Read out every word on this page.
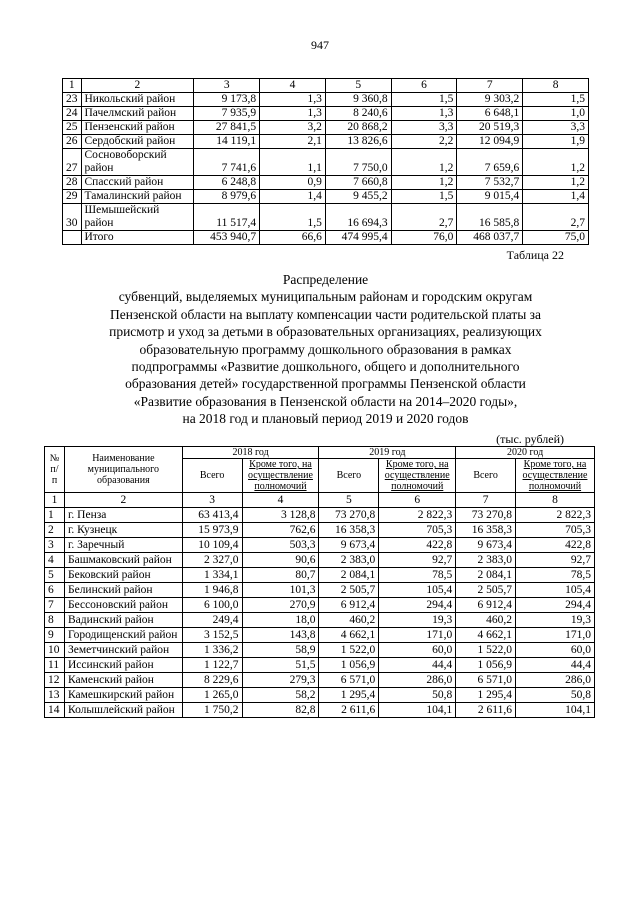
947
1	2	3	4	5	6	7	8
23	Никольский район	9 173,8	1,3	9 360,8	1,5	9 303,2	1,5
24	Пачелмский район	7 935,9	1,3	8 240,6	1,3	6 648,1	1,0
25	Пензенский район	27 841,5	3,2	20 868,2	3,3	20 519,3	3,3
26	Сердобский район	14 119,1	2,1	13 826,6	2,2	12 094,9	1,9
27	Сосновоборский район	7 741,6	1,1	7 750,0	1,2	7 659,6	1,2
28	Спасский район	6 248,8	0,9	7 660,8	1,2	7 532,7	1,2
29	Тамалинский район	8 979,6	1,4	9 455,2	1,5	9 015,4	1,4
30	Шемышейский район	11 517,4	1,5	16 694,3	2,7	16 585,8	2,7
	Итого	453 940,7	66,6	474 995,4	76,0	468 037,7	75,0
Таблица 22
Распределение
субвенций, выделяемых муниципальным районам и городским округам
Пензенской области на выплату компенсации части родительской платы за
присмотр и уход за детьми в образовательных организациях, реализующих
образовательную программу дошкольного образования в рамках
подпрограммы «Развитие дошкольного, общего и дополнительного
образования детей» государственной программы Пензенской области
«Развитие образования в Пензенской области на 2014–2020 годы»,
на 2018 год и плановый период 2019 и 2020 годов
(тыс. рублей)
№ п/п	Наименование муниципального образования	2018 год		2019 год		2020 год	
		Всего	Кроме того, на осуществление полномочий	Всего	Кроме того, на осуществление полномочий	Всего	Кроме того, на осуществление полномочий
1	2	3	4	5	6	7	8
1	г. Пенза	63 413,4	3 128,8	73 270,8	2 822,3	73 270,8	2 822,3
2	г. Кузнецк	15 973,9	762,6	16 358,3	705,3	16 358,3	705,3
3	г. Заречный	10 109,4	503,3	9 673,4	422,8	9 673,4	422,8
4	Башмаковский район	2 327,0	90,6	2 383,0	92,7	2 383,0	92,7
5	Бековский район	1 334,1	80,7	2 084,1	78,5	2 084,1	78,5
6	Белинский район	1 946,8	101,3	2 505,7	105,4	2 505,7	105,4
7	Бессоновский район	6 100,0	270,9	6 912,4	294,4	6 912,4	294,4
8	Вадинский район	249,4	18,0	460,2	19,3	460,2	19,3
9	Городищенский район	3 152,5	143,8	4 662,1	171,0	4 662,1	171,0
10	Земетчинский район	1 336,2	58,9	1 522,0	60,0	1 522,0	60,0
11	Иссинский район	1 122,7	51,5	1 056,9	44,4	1 056,9	44,4
12	Каменский район	8 229,6	279,3	6 571,0	286,0	6 571,0	286,0
13	Камешкирский район	1 265,0	58,2	1 295,4	50,8	1 295,4	50,8
14	Колышлейский район	1 750,2	82,8	2 611,6	104,1	2 611,6	104,1
